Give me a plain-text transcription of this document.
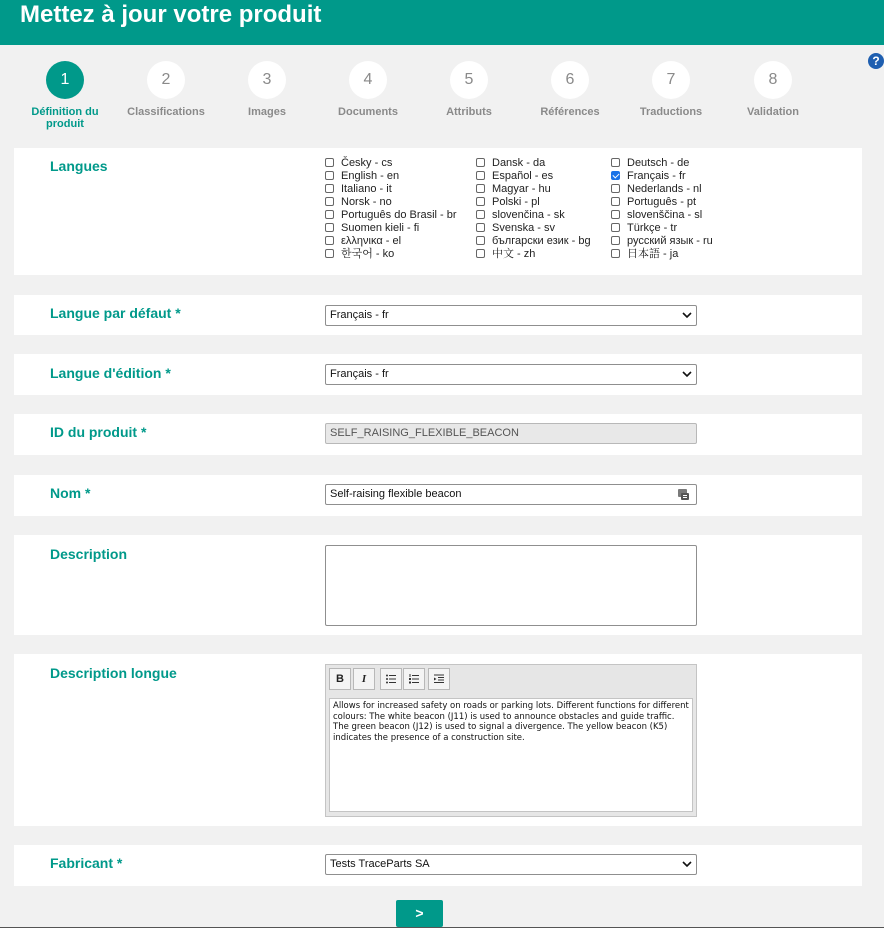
Mettez à jour votre produit
?
1
Définition du produit
2
Classifications
3
Images
4
Documents
5
Attributs
6
Références
7
Traductions
8
Validation
Langues	Česky - cs	Dansk - da	Deutsch - de
English - en	Español - es	Français - fr
Italiano - it	Magyar - hu	Nederlands - nl
Norsk - no	Polski - pl	Português - pt
Português do Brasil - br	slovenčina - sk	slovenščina - sl
Suomen kieli - fi	Svenska - sv	Türkçe - tr
ελληνικα - el	български език - bg	русский язык - ru
한국어 - ko	中文 - zh	日本語 - ja
Langue par défaut *	Français - fr
Langue d'édition *	Français - fr
ID du produit *	SELF_RAISING_FLEXIBLE_BEACON
Nom *	Self-raising flexible beacon
Description
Description longue	B	I
Allows for increased safety on roads or parking lots. Different functions for different colours: The white beacon (J11) is used to announce obstacles and guide traffic. The green beacon (J12) is used to signal a divergence. The yellow beacon (K5) indicates the presence of a construction site.
Fabricant *	Tests TraceParts SA
>
